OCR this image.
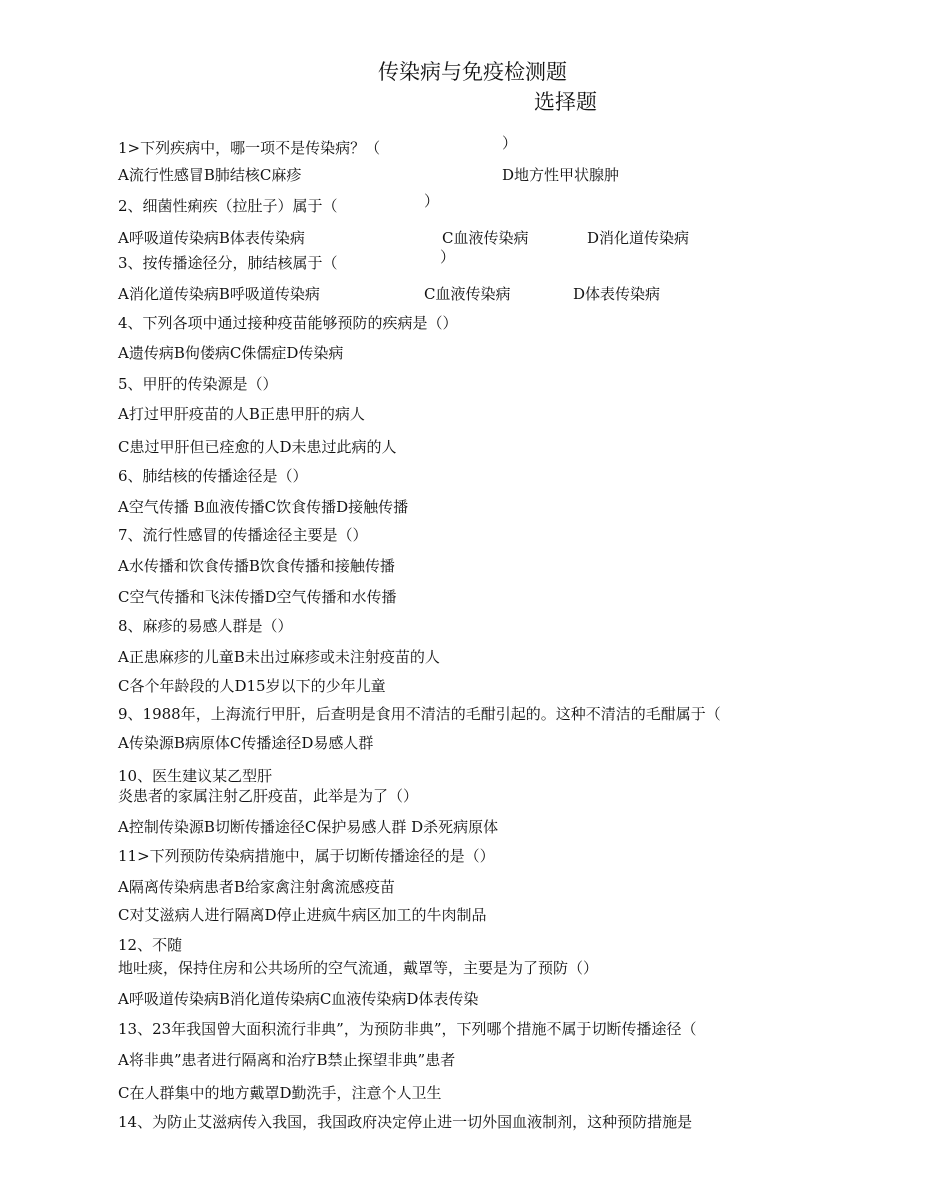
传染病与免疫检测题
选择题
1>下列疾病中，哪一项不是传染病？（	）
A流行性感冒B肺结核C麻疹	D地方性甲状腺肿
2、细菌性痢疾（拉肚子）属于（	）
A呼吸道传染病B体表传染病	C血液传染病	D消化道传染病
3、按传播途径分，肺结核属于（	）
A消化道传染病B呼吸道传染病	C血液传染病	D体表传染病
4、下列各项中通过接种疫苗能够预防的疾病是（）
A遗传病B佝偻病C侏儒症D传染病
5、甲肝的传染源是（）
A打过甲肝疫苗的人B正患甲肝的病人
C患过甲肝但已痊愈的人D未患过此病的人
6、肺结核的传播途径是（）
A空气传播 B血液传播C饮食传播D接触传播
7、流行性感冒的传播途径主要是（）
A水传播和饮食传播B饮食传播和接触传播
C空气传播和飞沫传播D空气传播和水传播
8、麻疹的易感人群是（）
A正患麻疹的儿童B未出过麻疹或未注射疫苗的人
C各个年龄段的人D15岁以下的少年儿童
9、1988年，上海流行甲肝，后查明是食用不清洁的毛酣引起的。这种不清洁的毛酣属于（
A传染源B病原体C传播途径D易感人群
10、医生建议某乙型肝
炎患者的家属注射乙肝疫苗，此举是为了（）
A控制传染源B切断传播途径C保护易感人群 D杀死病原体
11>下列预防传染病措施中，属于切断传播途径的是（）
A隔离传染病患者B给家禽注射禽流感疫苗
C对艾滋病人进行隔离D停止进疯牛病区加工的牛肉制品
12、不随
地吐痰，保持住房和公共场所的空气流通，戴罩等，主要是为了预防（）
A呼吸道传染病B消化道传染病C血液传染病D体表传染
13、23年我国曾大面积流行非典”，为预防非典”，下列哪个措施不属于切断传播途径（
A将非典”患者进行隔离和治疗B禁止探望非典”患者
C在人群集中的地方戴罩D勤洗手，注意个人卫生
14、为防止艾滋病传入我国，我国政府决定停止进一切外国血液制剂，这种预防措施是
